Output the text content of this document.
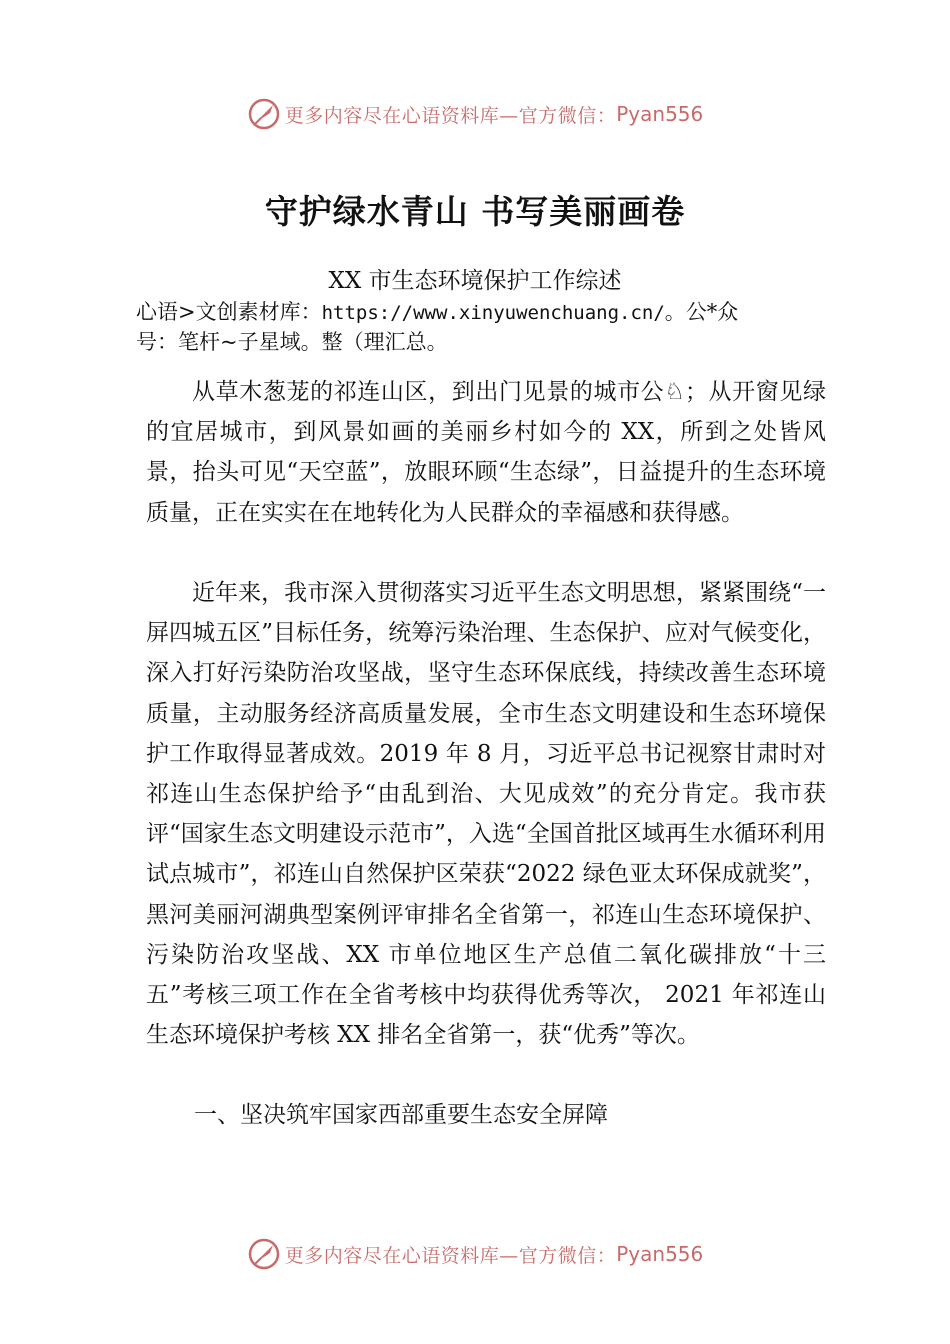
更多内容尽在心语资料库—官方微信： Pyan556
守护绿水青山 书写美丽画卷
XX 市生态环境保护工作综述
心语>文创素材库：https://www.xinyuwenchuang.cn/。公*众
号：笔杆~子星域。整（理汇总。
从草木葱茏的祁连山区，到出门见景的城市公♘；从开窗见绿的宜居城市，到风景如画的美丽乡村如今的 XX，所到之处皆风景，抬头可见“天空蓝”，放眼环顾“生态绿”，日益提升的生态环境质量，正在实实在在地转化为人民群众的幸福感和获得感。
近年来，我市深入贯彻落实习近平生态文明思想，紧紧围绕“一屏四城五区”目标任务，统筹污染治理、生态保护、应对气候变化，深入打好污染防治攻坚战，坚守生态环保底线，持续改善生态环境质量，主动服务经济高质量发展，全市生态文明建设和生态环境保护工作取得显著成效。2019 年 8 月，习近平总书记视察甘肃时对祁连山生态保护给予“由乱到治、大见成效”的充分肯定。我市获评“国家生态文明建设示范市”，入选“全国首批区域再生水循环利用试点城市”，祁连山自然保护区荣获“2022 绿色亚太环保成就奖”，黑河美丽河湖典型案例评审排名全省第一，祁连山生态环境保护、污染防治攻坚战、XX 市单位地区生产总值二氧化碳排放“十三五”考核三项工作在全省考核中均获得优秀等次， 2021 年祁连山生态环境保护考核 XX 排名全省第一，获“优秀”等次。
一、坚决筑牢国家西部重要生态安全屏障
更多内容尽在心语资料库—官方微信： Pyan556
